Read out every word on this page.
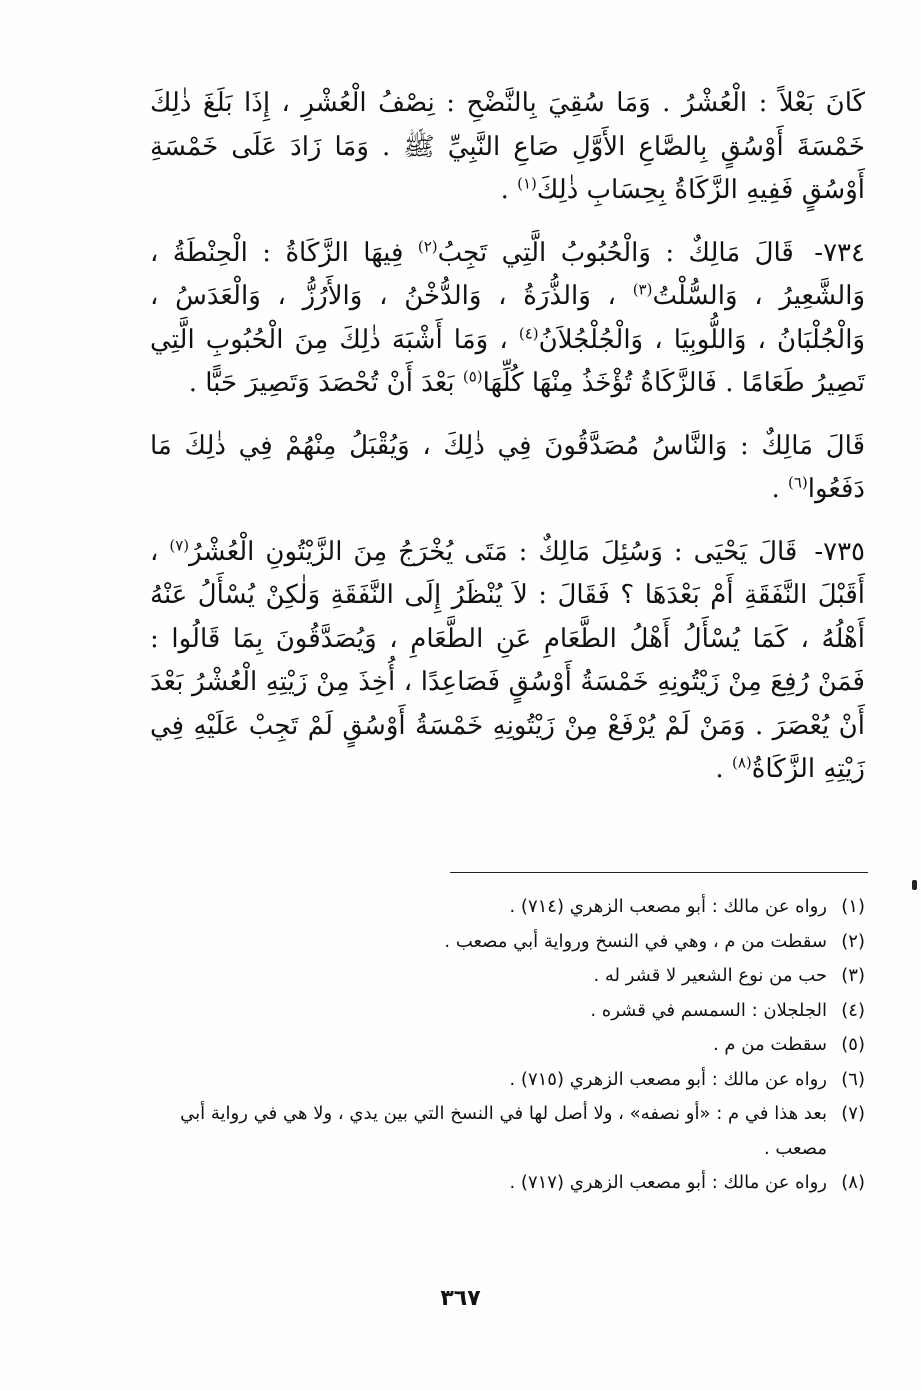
كَانَ بَعْلاً : الْعُشْرُ . وَمَا سُقِيَ بِالنَّضْحِ : نِصْفُ الْعُشْرِ ، إِذَا بَلَغَ ذٰلِكَ خَمْسَةَ أَوْسُقٍ بِالصَّاعِ الأَوَّلِ صَاعِ النَّبِيِّ ﷺ . وَمَا زَادَ عَلَى خَمْسَةِ أَوْسُقٍ فَفِيهِ الزَّكَاةُ بِحِسَابِ ذٰلِكَ$^{(١)}$ .

٧٣٤- قَالَ مَالِكٌ : وَالْحُبُوبُ الَّتِي تَجِبُ$^{(٢)}$ فِيهَا الزَّكَاةُ : الْحِنْطَةُ ، وَالشَّعِيرُ ، وَالسُّلْتُ$^{(٣)}$ ، وَالذُّرَةُ ، وَالدُّخْنُ ، وَالأَرُزُّ ، وَالْعَدَسُ ، وَالْجُلْبَانُ ، وَاللُّوبِيَا ، وَالْجُلْجُلاَنُ$^{(٤)}$ ، وَمَا أَشْبَهَ ذٰلِكَ مِنَ الْحُبُوبِ الَّتِي تَصِيرُ طَعَامًا . فَالزَّكَاةُ تُؤْخَذُ مِنْهَا كُلِّهَا$^{(٥)}$ بَعْدَ أَنْ تُحْصَدَ وَتَصِيرَ حَبًّا .

قَالَ مَالِكٌ : وَالنَّاسُ مُصَدَّقُونَ فِي ذٰلِكَ ، وَيُقْبَلُ مِنْهُمْ فِي ذٰلِكَ مَا دَفَعُوا$^{(٦)}$ .

٧٣٥- قَالَ يَحْيَى : وَسُئِلَ مَالِكٌ : مَتَى يُخْرَجُ مِنَ الزَّيْتُونِ الْعُشْرُ$^{(٧)}$ ، أَقَبْلَ النَّفَقَةِ أَمْ بَعْدَهَا ؟ فَقَالَ : لاَ يُنْظَرُ إِلَى النَّفَقَةِ وَلٰكِنْ يُسْأَلُ عَنْهُ أَهْلُهُ ، كَمَا يُسْأَلُ أَهْلُ الطَّعَامِ عَنِ الطَّعَامِ ، وَيُصَدَّقُونَ بِمَا قَالُوا : فَمَنْ رُفِعَ مِنْ زَيْتُونِهِ خَمْسَةُ أَوْسُقٍ فَصَاعِدًا ، أُخِذَ مِنْ زَيْتِهِ الْعُشْرُ بَعْدَ أَنْ يُعْصَرَ . وَمَنْ لَمْ يُرْفَعْ مِنْ زَيْتُونِهِ خَمْسَةُ أَوْسُقٍ لَمْ تَجِبْ عَلَيْهِ فِي زَيْتِهِ الزَّكَاةُ$^{(٨)}$ .

(١)
رواه عن مالك : أبو مصعب الزهري (٧١٤) .
(٢)
سقطت من م ، وهي في النسخ ورواية أبي مصعب .
(٣)
حب من نوع الشعير لا قشر له .
(٤)
الجلجلان : السمسم في قشره .
(٥)
سقطت من م .
(٦)
رواه عن مالك : أبو مصعب الزهري (٧١٥) .
(٧)
بعد هذا في م : «أو نصفه» ، ولا أصل لها في النسخ التي بين يدي ، ولا هي في رواية أبي مصعب .
(٨)
رواه عن مالك : أبو مصعب الزهري (٧١٧) .
٣٦٧
